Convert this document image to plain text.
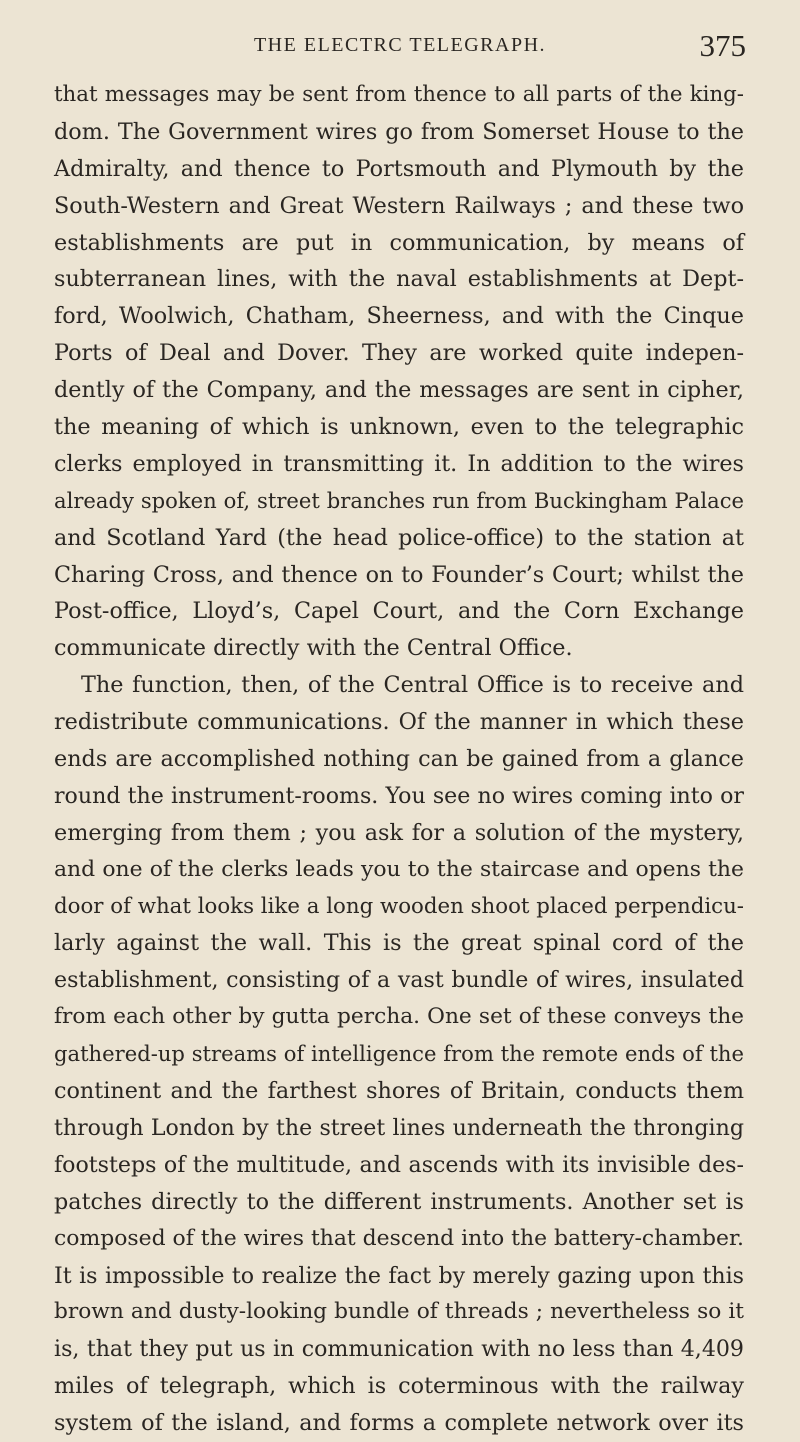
THE ELECTRC TELEGRAPH.	375
that messages may be sent from thence to all parts of the king-
dom. The Government wires go from Somerset House to the
Admiralty, and thence to Portsmouth and Plymouth by the
South-Western and Great Western Railways ; and these two
establishments are put in communication, by means of
subterranean lines, with the naval establishments at Dept-
ford, Woolwich, Chatham, Sheerness, and with the Cinque
Ports of Deal and Dover. They are worked quite indepen-
dently of the Company, and the messages are sent in cipher,
the meaning of which is unknown, even to the telegraphic
clerks employed in transmitting it. In addition to the wires
already spoken of, street branches run from Buckingham Palace
and Scotland Yard (the head police-office) to the station at
Charing Cross, and thence on to Founder’s Court; whilst the
Post-office, Lloyd’s, Capel Court, and the Corn Exchange
communicate directly with the Central Office.
The function, then, of the Central Office is to receive and
redistribute communications. Of the manner in which these
ends are accomplished nothing can be gained from a glance
round the instrument-rooms. You see no wires coming into or
emerging from them ; you ask for a solution of the mystery,
and one of the clerks leads you to the staircase and opens the
door of what looks like a long wooden shoot placed perpendicu-
larly against the wall. This is the great spinal cord of the
establishment, consisting of a vast bundle of wires, insulated
from each other by gutta percha. One set of these conveys the
gathered-up streams of intelligence from the remote ends of the
continent and the farthest shores of Britain, conducts them
through London by the street lines underneath the thronging
footsteps of the multitude, and ascends with its invisible des-
patches directly to the different instruments. Another set is
composed of the wires that descend into the battery-chamber.
It is impossible to realize the fact by merely gazing upon this
brown and dusty-looking bundle of threads ; nevertheless so it
is, that they put us in communication with no less than 4,409
miles of telegraph, which is coterminous with the railway
system of the island, and forms a complete network over its
